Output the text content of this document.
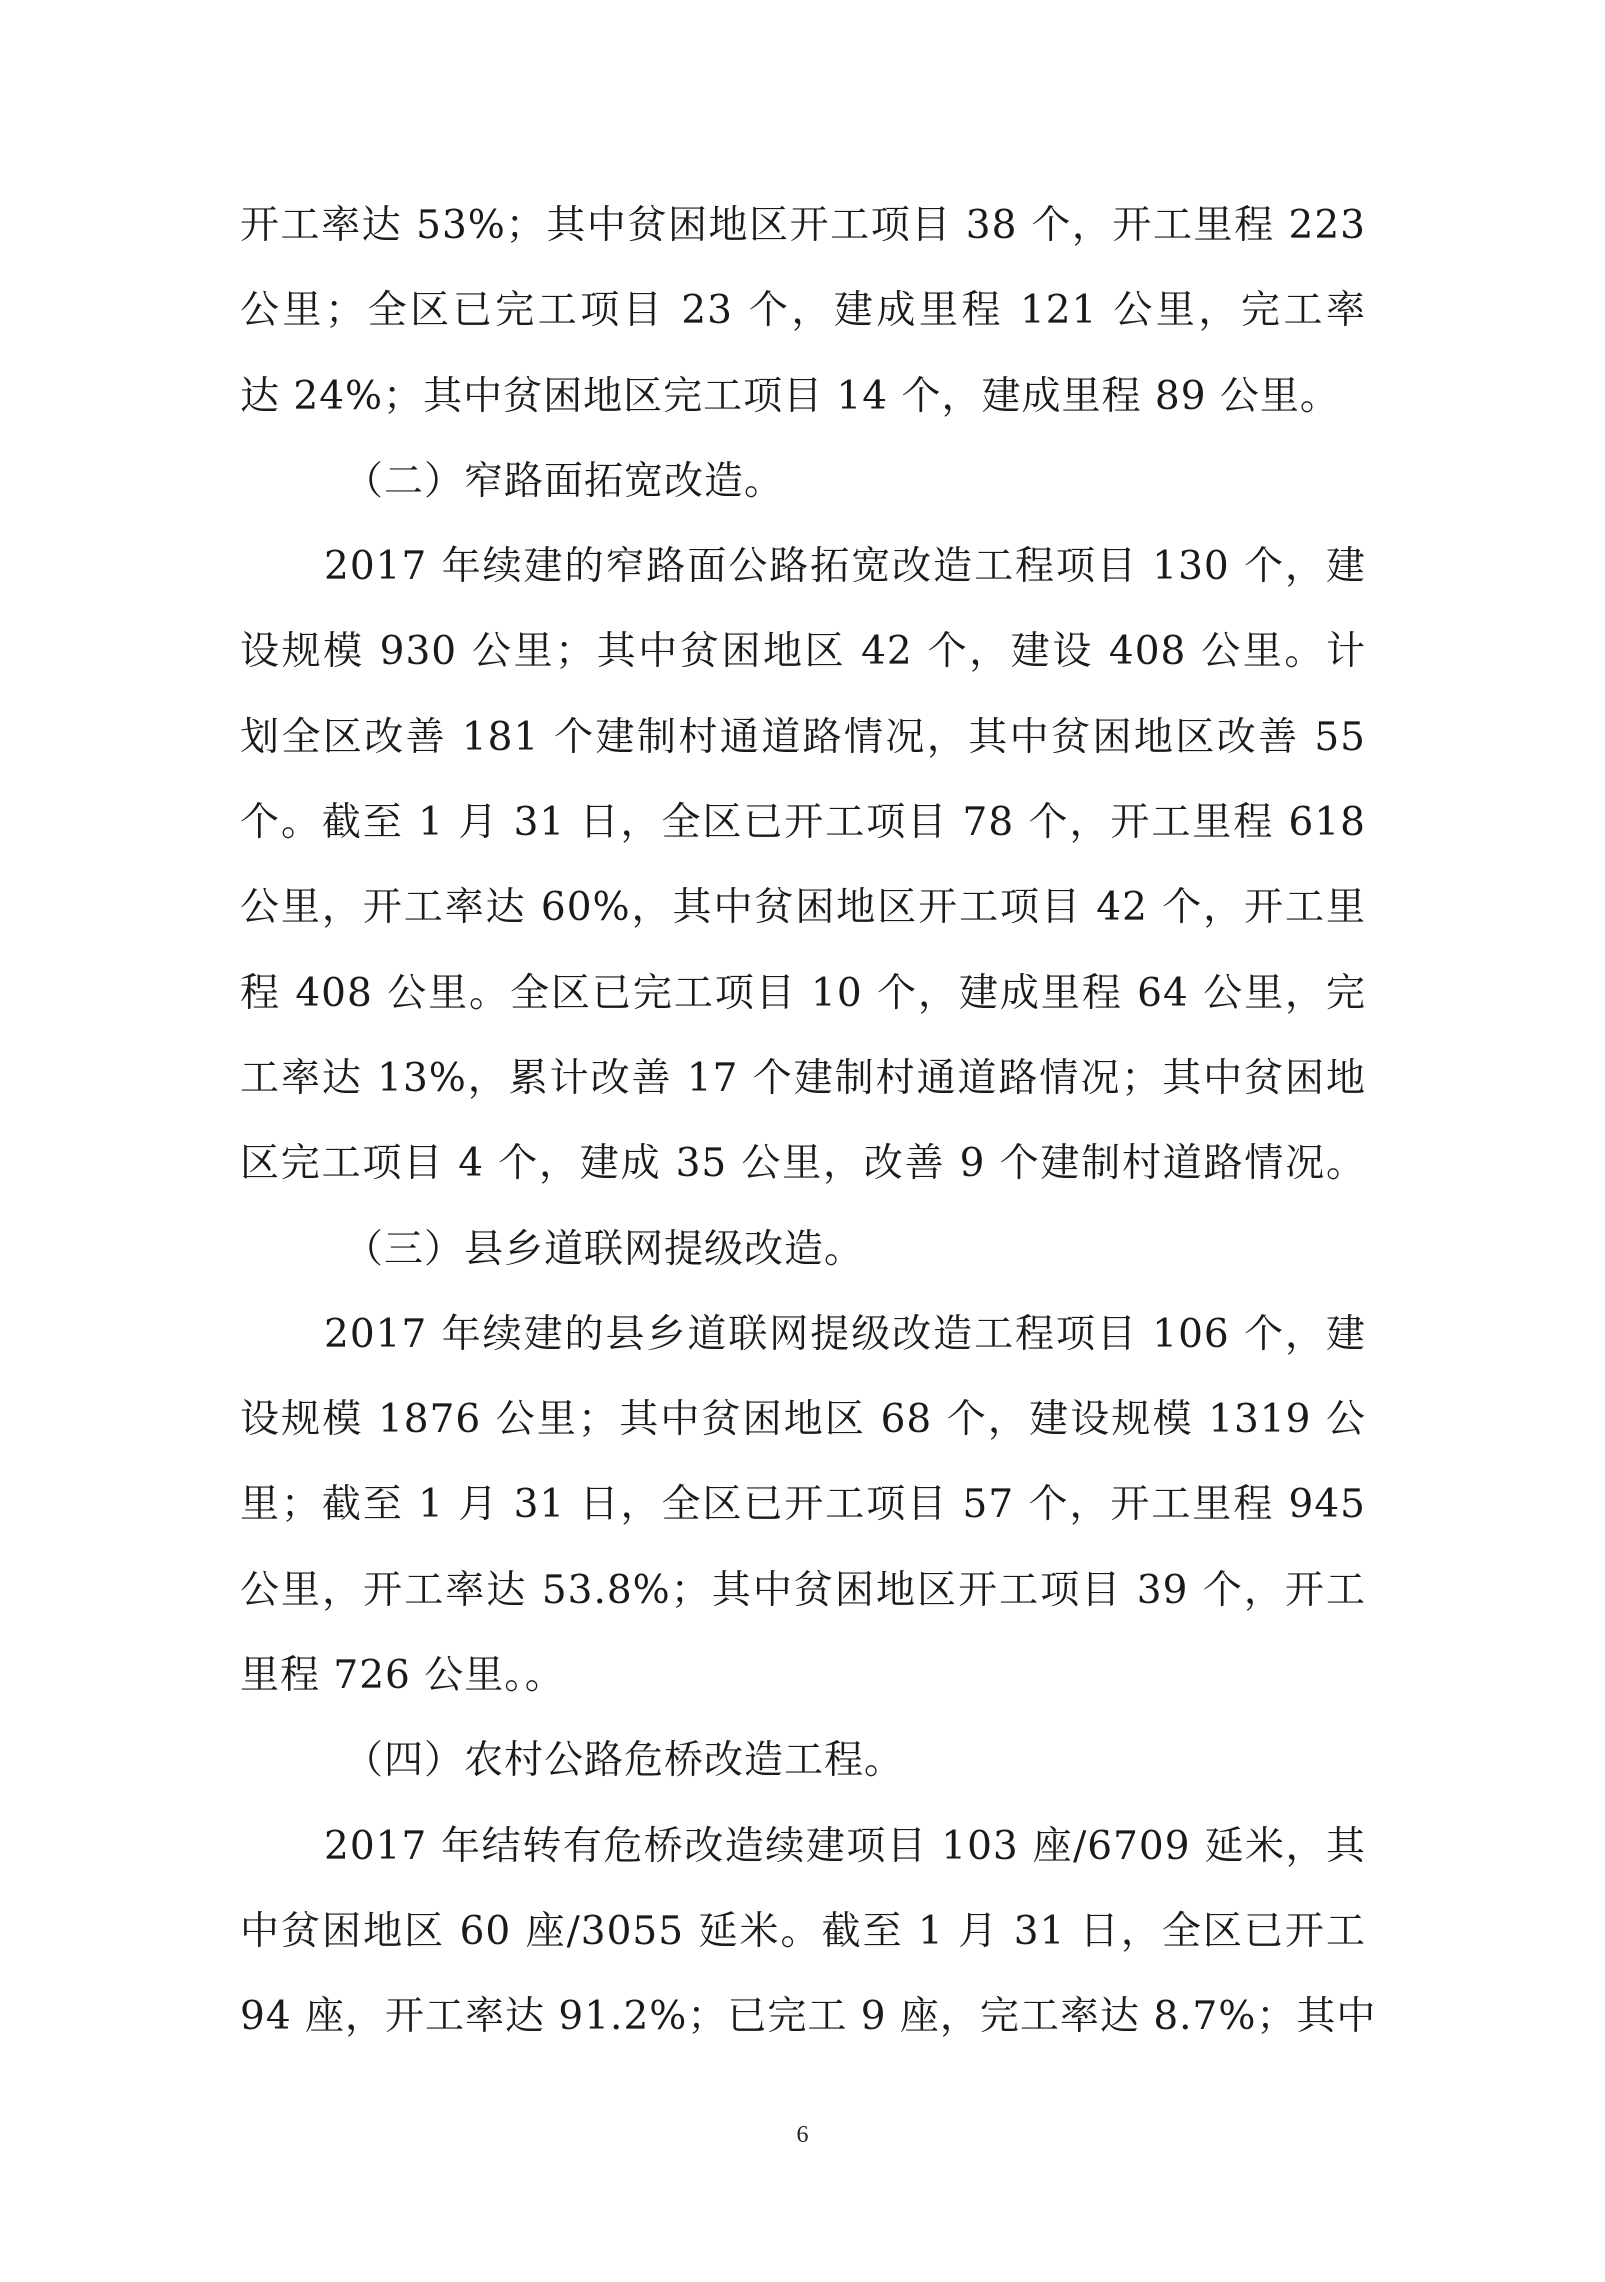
开工率达 53%；其中贫困地区开工项目 38 个，开工里程 223
公里；全区已完工项目 23 个，建成里程 121 公里，完工率
达 24%；其中贫困地区完工项目 14 个，建成里程 89 公里。
（二）窄路面拓宽改造。
2017 年续建的窄路面公路拓宽改造工程项目 130 个，建
设规模 930 公里；其中贫困地区 42 个，建设 408 公里。计
划全区改善 181 个建制村通道路情况，其中贫困地区改善 55
个。截至 1 月 31 日，全区已开工项目 78 个，开工里程 618
公里，开工率达 60%，其中贫困地区开工项目 42 个，开工里
程 408 公里。全区已完工项目 10 个，建成里程 64 公里，完
工率达 13%，累计改善 17 个建制村通道路情况；其中贫困地
区完工项目 4 个，建成 35 公里，改善 9 个建制村道路情况。
（三）县乡道联网提级改造。
2017 年续建的县乡道联网提级改造工程项目 106 个，建
设规模 1876 公里；其中贫困地区 68 个，建设规模 1319 公
里；截至 1 月 31 日，全区已开工项目 57 个，开工里程 945
公里，开工率达 53.8%；其中贫困地区开工项目 39 个，开工
里程 726 公里。。
（四）农村公路危桥改造工程。
2017 年结转有危桥改造续建项目 103 座/6709 延米，其
中贫困地区 60 座/3055 延米。截至 1 月 31 日，全区已开工
94 座，开工率达 91.2%；已完工 9 座，完工率达 8.7%；其中
6
